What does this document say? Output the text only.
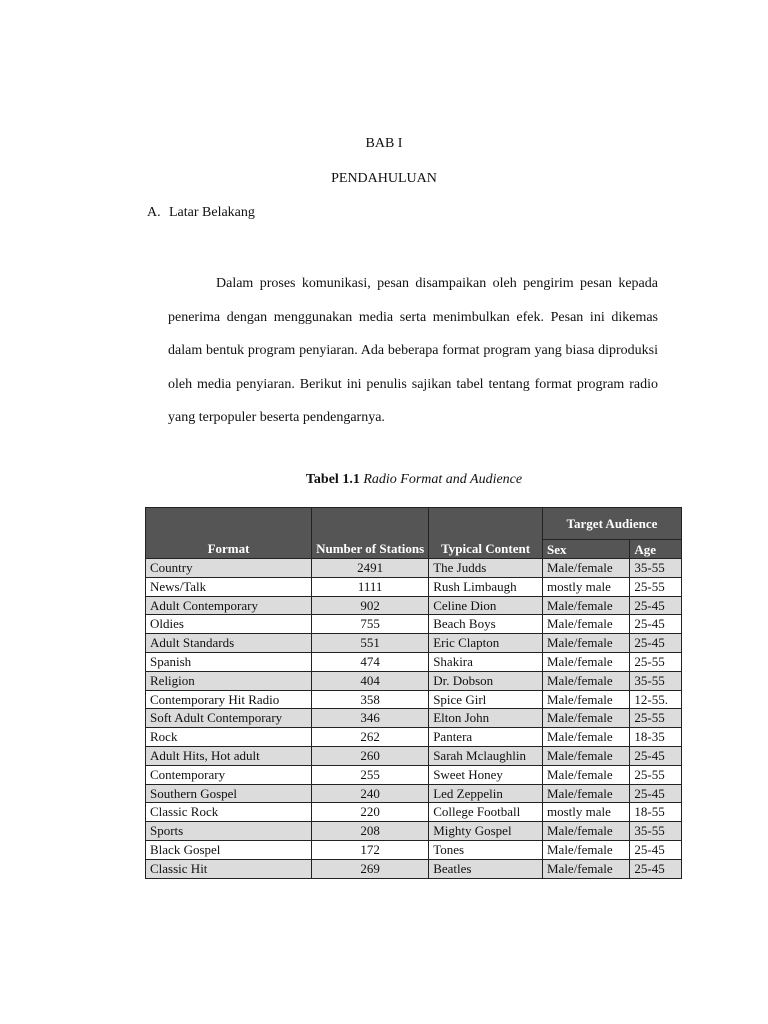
BAB I
PENDAHULUAN
A. Latar Belakang
Dalam proses komunikasi, pesan disampaikan oleh pengirim pesan kepada penerima dengan menggunakan media serta menimbulkan efek. Pesan ini dikemas dalam bentuk program penyiaran. Ada beberapa format program yang biasa diproduksi oleh media penyiaran. Berikut ini penulis sajikan tabel tentang format program radio yang terpopuler beserta pendengarnya.
Tabel 1.1 Radio Format and Audience
Format	Number of Stations	Typical Content	Target Audience	
			Sex	Age
Country	2491	The Judds	Male/female	35-55
News/Talk	1111	Rush Limbaugh	mostly male	25-55
Adult Contemporary	902	Celine Dion	Male/female	25-45
Oldies	755	Beach Boys	Male/female	25-45
Adult Standards	551	Eric Clapton	Male/female	25-45
Spanish	474	Shakira	Male/female	25-55
Religion	404	Dr. Dobson	Male/female	35-55
Contemporary Hit Radio	358	Spice Girl	Male/female	12-55.
Soft Adult Contemporary	346	Elton John	Male/female	25-55
Rock	262	Pantera	Male/female	18-35
Adult Hits, Hot adult	260	Sarah Mclaughlin	Male/female	25-45
Contemporary	255	Sweet Honey	Male/female	25-55
Southern Gospel	240	Led Zeppelin	Male/female	25-45
Classic Rock	220	College Football	mostly male	18-55
Sports	208	Mighty Gospel	Male/female	35-55
Black Gospel	172	Tones	Male/female	25-45
Classic Hit	269	Beatles	Male/female	25-45
